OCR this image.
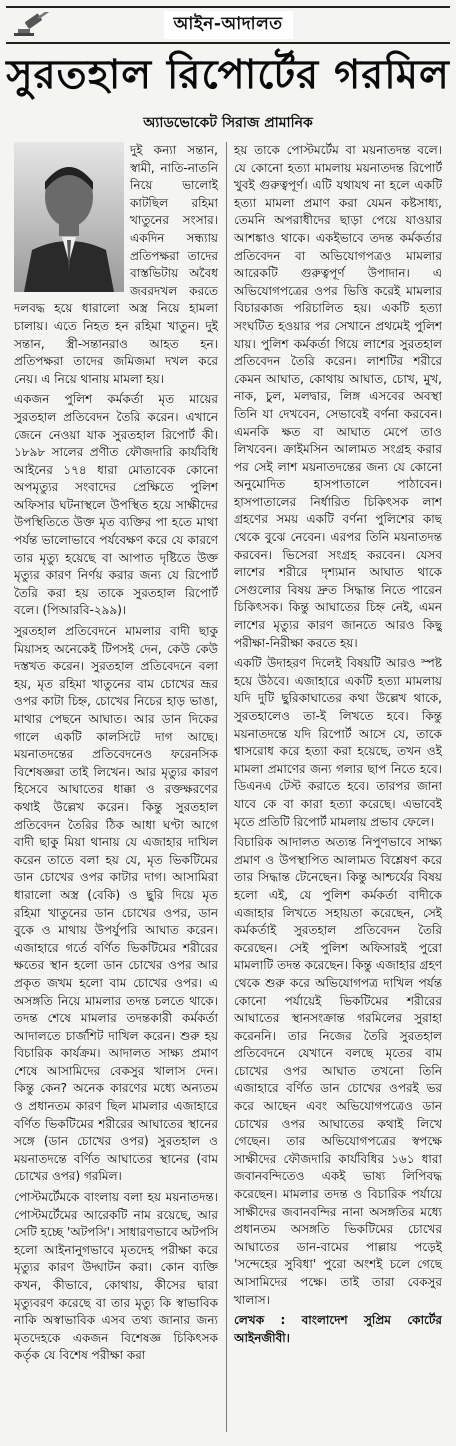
আইন-আদালত
সুরতহাল রিপোর্টের গরমিল
অ্যাডভোকেট সিরাজ প্রামানিক

দুই কন্যা সন্তান, স্বামী, নাতি-নাতনি নিয়ে ভালোই কাটছিল রহিমা খাতুনের সংসার। একদিন সন্ধ্যায় প্রতিপক্ষরা তাদের বাস্তভিটায় অবৈধ জবরদখল করতে দলবদ্ধ হয়ে ধারালো অস্ত্র নিয়ে হামলা চালায়। এতে নিহত হন রহিমা খাতুন। দুই সন্তান, স্ত্রী-সন্তানরাও আহত হন। প্রতিপক্ষরা তাদের জমিজমা দখল করে নেয়। এ নিয়ে থানায় মামলা হয়।

একজন পুলিশ কর্মকর্তা মৃত মায়ের সুরতহাল প্রতিবেদন তৈরি করেন। এখানে জেনে নেওয়া যাক সুরতহাল রিপোর্ট কী। ১৮৯৮ সালের প্রণীত ফৌজদারি কার্যবিধি আইনের ১৭৪ ধারা মোতাবেক কোনো অপমৃত্যুর সংবাদের প্রেক্ষিতে পুলিশ অফিসার ঘটনাস্থলে উপস্থিত হয়ে সাক্ষীদের উপস্থিতিতে উক্ত মৃত ব্যক্তির পা হতে মাথা পর্যন্ত ভালোভাবে পর্যবেক্ষণ করে যে কারণে তার মৃত্যু হয়েছে বা আপাত দৃষ্টিতে উক্ত মৃত্যুর কারণ নির্ণয় করার জন্য যে রিপোর্ট তৈরি করা হয় তাকে সুরতহাল রিপোর্ট বলে। (পিআরবি-২৯৯)।

সুরতহাল প্রতিবেদনে মামলার বাদী ছাকু মিয়াসহ অনেকেই টিপসই দেন, কেউ কেউ দস্তখত করেন। সুরতহাল প্রতিবেদনে বলা হয়, মৃত রহিমা খাতুনের বাম চোখের ভ্রূর ওপর কাটা চিহ্ন, চোখের নিচের হাড় ভাঙা, মাথার পেছনে আঘাত। আর ডান দিকের গালে একটি কালসিটে দাগ আছে। ময়নাতদন্তের প্রতিবেদনেও ফরেনসিক বিশেষজ্ঞরা তাই লিখেন। আর মৃত্যুর কারণ হিসেবে আঘাতের ধাক্কা ও রক্তক্ষরণের কথাই উল্লেখ করেন। কিন্তু সুরতহাল প্রতিবেদন তৈরির ঠিক আধা ঘণ্টা আগে বাদী ছাকু মিয়া থানায় যে এজাহার দাখিল করেন তাতে বলা হয় যে, মৃত ভিকটিমের ডান চোখের ওপর কাটার দাগ। আসামিরা ধারালো অস্ত্র (বেকি) ও ছুরি দিয়ে মৃত রহিমা খাতুনের ডান চোখের ওপর, ডান বুকে ও মাথায় উপর্যুপরি আঘাত করেন। এজাহারে গর্তে বর্ণিত ভিকটিমের শরীরের ক্ষতের স্থান হলো ডান চোখের ওপর আর প্রকৃত জখম হলো বাম চোখের ওপর। এ অসঙ্গতি নিয়ে মামলার তদন্ত চলতে থাকে। তদন্ত শেষে মামলার তদন্তকারী কর্মকর্তা আদালতে চার্জশিট দাখিল করেন। শুরু হয় বিচারিক কার্যক্রম। আদালত সাক্ষ্য প্রমাণ শেষে আসামিদের বেকসুর খালাস দেন। কিন্তু কেন? অনেক কারণের মধ্যে অন্যতম ও প্রধানতম কারণ ছিল মামলার এজাহারে বর্ণিত ভিকটিমের শরীরের আঘাতের স্থানের সঙ্গে (ডান চোখের ওপর) সুরতহাল ও ময়নাতদন্তে বর্ণিত আঘাতের স্থানের (বাম চোখের ওপর) গরমিল।

পোস্টমর্টেমকে বাংলায় বলা হয় ময়নাতদন্ত। পোস্টমর্টেমের আরেকটি নাম রয়েছে, আর সেটি হচ্ছে 'অটপসি'। সাধারণভাবে অটপসি হলো আইনানুগভাবে মৃতদেহ পরীক্ষা করে মৃত্যুর কারণ উদ্ঘাটন করা। কোন ব্যক্তি কখন, কীভাবে, কোথায়, কীসের দ্বারা মৃত্যুবরণ করেছে বা তার মৃত্যু কি স্বাভাবিক নাকি অস্বাভাবিক এসব তথ্য জানার জন্য মৃতদেহকে একজন বিশেষজ্ঞ চিকিৎসক কর্তৃক যে বিশেষ পরীক্ষা করা

হয় তাকে পোস্টমর্টেম বা ময়নাতদন্ত বলে। যে কোনো হত্যা মামলায় ময়নাতদন্ত রিপোর্ট খুবই গুরুত্বপূর্ণ। এটি যথাযথ না হলে একটি হত্যা মামলা প্রমাণ করা যেমন কষ্টসাধ্য, তেমনি অপরাধীদের ছাড়া পেয়ে যাওয়ার আশঙ্কাও থাকে। একইভাবে তদন্ত কর্মকর্তার প্রতিবেদন বা অভিযোগপত্রও মামলার আরেকটি গুরুত্বপূর্ণ উপাদান। এ অভিযোগপত্রের ওপর ভিত্তি করেই মামলার বিচারকাজ পরিচালিত হয়। একটি হত্যা সংঘটিত হওয়ার পর সেখানে প্রথমেই পুলিশ যায়। পুলিশ কর্মকর্তা গিয়ে লাশের সুরতহাল প্রতিবেদন তৈরি করেন। লাশটির শরীরে কেমন আঘাত, কোথায় আঘাত, চোখ, মুখ, নাক, চুল, মলদ্বার, লিঙ্গ এসবের অবস্থা তিনি যা দেখবেন, সেভাবেই বর্ণনা করবেন। এমনকি ক্ষত বা আঘাত মেপে তাও লিখবেন। ক্রাইমসিন আলামত সংগ্রহ করার পর সেই লাশ ময়নাতদন্তের জন্য যে কোনো অনুমোদিত হাসপাতালে পাঠাবেন। হাসপাতালের নির্ধারিত চিকিৎসক লাশ গ্রহণের সময় একটি বর্ণনা পুলিশের কাছ থেকে বুঝে নেবেন। এরপর তিনি ময়নাতদন্ত করবেন। ভিসেরা সংগ্রহ করবেন। যেসব লাশের শরীরে দৃশ্যমান আঘাত থাকে সেগুলোর বিষয় দ্রুত সিদ্ধান্ত নিতে পারেন চিকিৎসক। কিন্তু আঘাতের চিহ্ন নেই, এমন লাশের মৃত্যুর কারণ জানতে আরও কিছু পরীক্ষা-নিরীক্ষা করতে হয়।

একটি উদাহরণ দিলেই বিষয়টি আরও স্পষ্ট হয়ে উঠবে। এজাহারে একটি হত্যা মামলায় যদি দুটি ছুরিকাঘাতের কথা উল্লেখ থাকে, সুরতহালেও তা-ই লিখতে হবে। কিন্তু ময়নাতদন্তে যদি রিপোর্ট আসে যে, তাকে শ্বাসরোধ করে হত্যা করা হয়েছে, তখন ওই মামলা প্রমাণের জন্য গলার ছাপ নিতে হবে। ডিএনএ টেস্ট করাতে হবে। তারপর জানা যাবে কে বা কারা হত্যা করেছে। এভাবেই মৃতে প্রতিটি রিপোর্ট মামলায় প্রভাব ফেলে।

বিচারিক আদালত অত্যন্ত নিপুণভাবে সাক্ষ্য প্রমাণ ও উপস্থাপিত আলামত বিশ্লেষণ করে তার সিদ্ধান্ত টেনেছেন। কিন্তু আশ্চর্যের বিষয় হলো এই, যে পুলিশ কর্মকর্তা বাদীকে এজাহার লিখতে সহায়তা করেছেন, সেই কর্মকর্তাই সুরতহাল প্রতিবেদন তৈরি করেছেন। সেই পুলিশ অফিসারই পুরো মামলাটি তদন্ত করেছেন। কিন্তু এজাহার গ্রহণ থেকে শুরু করে অভিযোগপত্র দাখিল পর্যন্ত কোনো পর্যায়েই ভিকটিমের শরীরের আঘাতের স্থানসংক্রান্ত গরমিলের সুরাহা করেননি। তার নিজের তৈরি সুরতহাল প্রতিবেদনে যেখানে বলছে মৃতের বাম চোখের ওপর আঘাত তখনো তিনি এজাহারে বর্ণিত ডান চোখের ওপরই ভর করে আছেন এবং অভিযোগপত্রেও ডান চোখের ওপর আঘাতের কথাই লিখে গেছেন। তার অভিযোগপত্রের স্বপক্ষে সাক্ষীদের ফৌজদারি কার্যবিধির ১৬১ ধারা জবানবন্দিতেও একই ভাষ্য লিপিবদ্ধ করেছেন। মামলার তদন্ত ও বিচারিক পর্যায়ে সাক্ষীদের জবানবন্দির নানা অসঙ্গতির মধ্যে প্রধানতম অসঙ্গতি ভিকটিমের চোখের আঘাতের ডান-বামের পাল্লায় পড়েই 'সন্দেহের সুবিধা' পুরো অংশই চলে গেছে আসামিদের পক্ষে। তাই তারা বেকসুর খালাস।

লেখক : বাংলাদেশ সুপ্রিম কোর্টের আইনজীবী।
